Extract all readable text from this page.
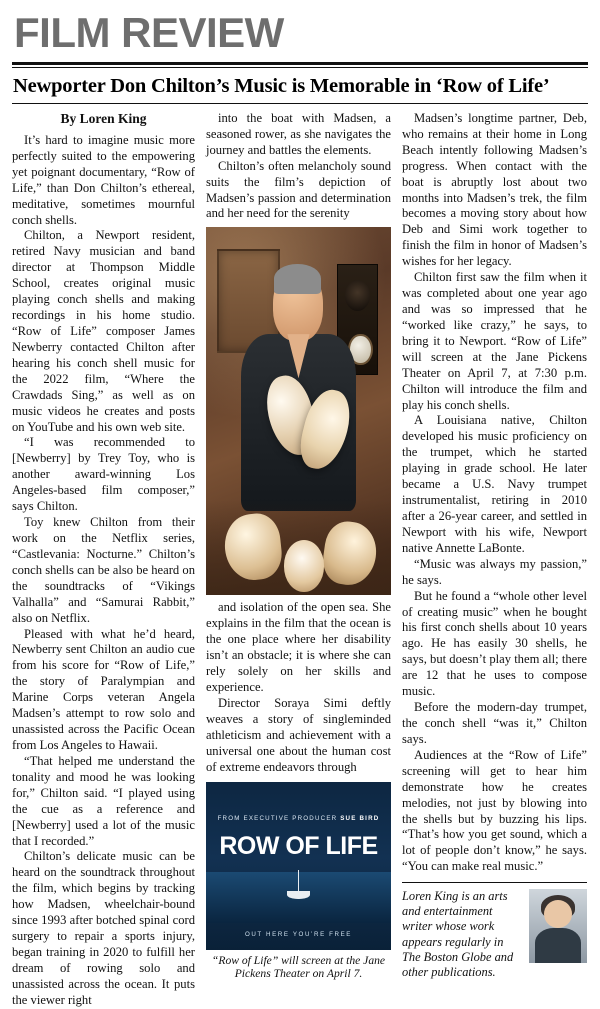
FILM REVIEW
Newporter Don Chilton’s Music is Memorable in ‘Row of Life’
By Loren King

It’s hard to imagine music more perfectly suited to the empowering yet poignant documentary, “Row of Life,” than Don Chilton’s ethereal, meditative, sometimes mournful conch shells.

Chilton, a Newport resident, retired Navy musician and band director at Thompson Middle School, creates original music playing conch shells and making recordings in his home studio. “Row of Life” composer James Newberry contacted Chilton after hearing his conch shell music for the 2022 film, “Where the Crawdads Sing,” as well as on music videos he creates and posts on YouTube and his own web site.

“I was recommended to [Newberry] by Trey Toy, who is another award-winning Los Angeles-based film composer,” says Chilton.

Toy knew Chilton from their work on the Netflix series, “Castlevania: Nocturne.” Chilton’s conch shells can be also be heard on the soundtracks of “Vikings Valhalla” and “Samurai Rabbit,” also on Netflix.

Pleased with what he’d heard, Newberry sent Chilton an audio cue from his score for “Row of Life,” the story of Paralympian and Marine Corps veteran Angela Madsen’s attempt to row solo and unassisted across the Pacific Ocean from Los Angeles to Hawaii.

“That helped me understand the tonality and mood he was looking for,” Chilton said. “I played using the cue as a reference and [Newberry] used a lot of the music that I recorded.”

Chilton’s delicate music can be heard on the soundtrack throughout the film, which begins by tracking how Madsen, wheelchair-bound since 1993 after botched spinal cord surgery to repair a sports injury, began training in 2020 to fulfill her dream of rowing solo and unassisted across the ocean. It puts the viewer right

into the boat with Madsen, a seasoned rower, as she navigates the journey and battles the elements.

Chilton’s often melancholy sound suits the film’s depiction of Madsen’s passion and determination and her need for the serenity

and isolation of the open sea. She explains in the film that the ocean is the one place where her disability isn’t an obstacle; it is where she can rely solely on her skills and experience.

Director Soraya Simi deftly weaves a story of singleminded athleticism and achievement with a universal one about the human cost of extreme endeavors through

FROM EXECUTIVE PRODUCER SUE BIRD
ROW OF LIFE
OUT HERE YOU’RE FREE
“Row of Life” will screen at the Jane Pickens Theater on April 7.

Madsen’s longtime partner, Deb, who remains at their home in Long Beach intently following Madsen’s progress. When contact with the boat is abruptly lost about two months into Madsen’s trek, the film becomes a moving story about how Deb and Simi work together to finish the film in honor of Madsen’s wishes for her legacy.

Chilton first saw the film when it was completed about one year ago and was so impressed that he “worked like crazy,” he says, to bring it to Newport. “Row of Life” will screen at the Jane Pickens Theater on April 7, at 7:30 p.m. Chilton will introduce the film and play his conch shells.

A Louisiana native, Chilton developed his music proficiency on the trumpet, which he started playing in grade school. He later became a U.S. Navy trumpet instrumentalist, retiring in 2010 after a 26-year career, and settled in Newport with his wife, Newport native Annette LaBonte.

“Music was always my passion,” he says.

But he found a “whole other level of creating music” when he bought his first conch shells about 10 years ago. He has easily 30 shells, he says, but doesn’t play them all; there are 12 that he uses to compose music.

Before the modern-day trumpet, the conch shell “was it,” Chilton says.

Audiences at the “Row of Life” screening will get to hear him demonstrate how he creates melodies, not just by blowing into the shells but by buzzing his lips. “That’s how you get sound, which a lot of people don’t know,” he says. “You can make real music.”

Loren King is an arts and entertainment writer whose work appears regularly in The Boston Globe and other publications.
